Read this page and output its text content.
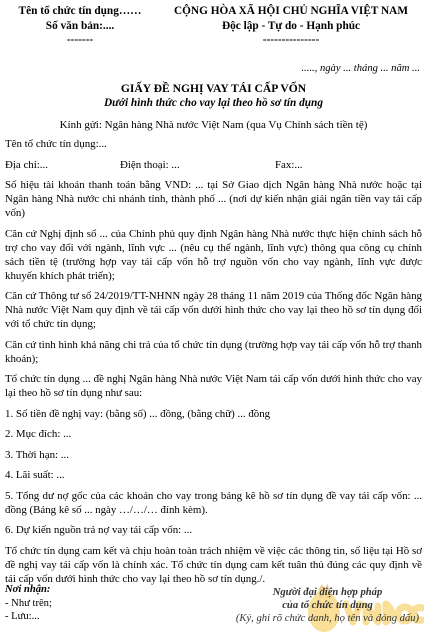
Tên tổ chức tín dụng……
Số văn bản:....
-------
CỘNG HÒA XÃ HỘI CHỦ NGHĨA VIỆT NAM
Độc lập - Tự do - Hạnh phúc
---------------
....., ngày ... tháng ... năm ...
GIẤY ĐỀ NGHỊ VAY TÁI CẤP VỐN
Dưới hình thức cho vay lại theo hồ sơ tín dụng
Kính gửi: Ngân hàng Nhà nước Việt Nam (qua Vụ Chính sách tiền tệ)

Tên tổ chức tín dụng:...

Địa chỉ:...	Điện thoại: ...	Fax:...

Số hiệu tài khoản thanh toán bằng VND: ... tại Sở Giao dịch Ngân hàng Nhà nước hoặc tại Ngân hàng Nhà nước chi nhánh tỉnh, thành phố ... (nơi dự kiến nhận giải ngân tiền vay tái cấp vốn)

Căn cứ Nghị định số ... của Chính phủ quy định Ngân hàng Nhà nước thực hiện chính sách hỗ trợ cho vay đối với ngành, lĩnh vực ... (nêu cụ thể ngành, lĩnh vực) thông qua công cụ chính sách tiền tệ (trường hợp vay tái cấp vốn hỗ trợ nguồn vốn cho vay ngành, lĩnh vực được khuyến khích phát triển);

Căn cứ Thông tư số 24/2019/TT-NHNN ngày 28 tháng 11 năm 2019 của Thống đốc Ngân hàng Nhà nước Việt Nam quy định về tái cấp vốn dưới hình thức cho vay lại theo hồ sơ tín dụng đối với tổ chức tín dụng;

Căn cứ tình hình khả năng chi trả của tổ chức tín dụng (trường hợp vay tái cấp vốn hỗ trợ thanh khoản);

Tổ chức tín dụng ... đề nghị Ngân hàng Nhà nước Việt Nam tái cấp vốn dưới hình thức cho vay lại theo hồ sơ tín dụng như sau:

1. Số tiền đề nghị vay: (bằng số) ... đồng, (bằng chữ) ... đồng

2. Mục đích: ...

3. Thời hạn: ...

4. Lãi suất: ...

5. Tổng dư nợ gốc của các khoản cho vay trong bảng kê hồ sơ tín dụng đề vay tái cấp vốn: ... đồng (Bảng kê số ... ngày …/…/… đính kèm).

6. Dự kiến nguồn trả nợ vay tái cấp vốn: ...

Tổ chức tín dụng cam kết và chịu hoàn toàn trách nhiệm về việc các thông tin, số liệu tại Hồ sơ đề nghị vay tái cấp vốn là chính xác. Tổ chức tín dụng cam kết tuân thủ đúng các quy định về tái cấp vốn dưới hình thức cho vay lại theo hồ sơ tín dụng./.

Nơi nhận:
- Như trên;
- Lưu:...
Người đại diện hợp pháp
của tổ chức tín dụng
(Ký, ghi rõ chức danh, họ tên và đóng dấu)
